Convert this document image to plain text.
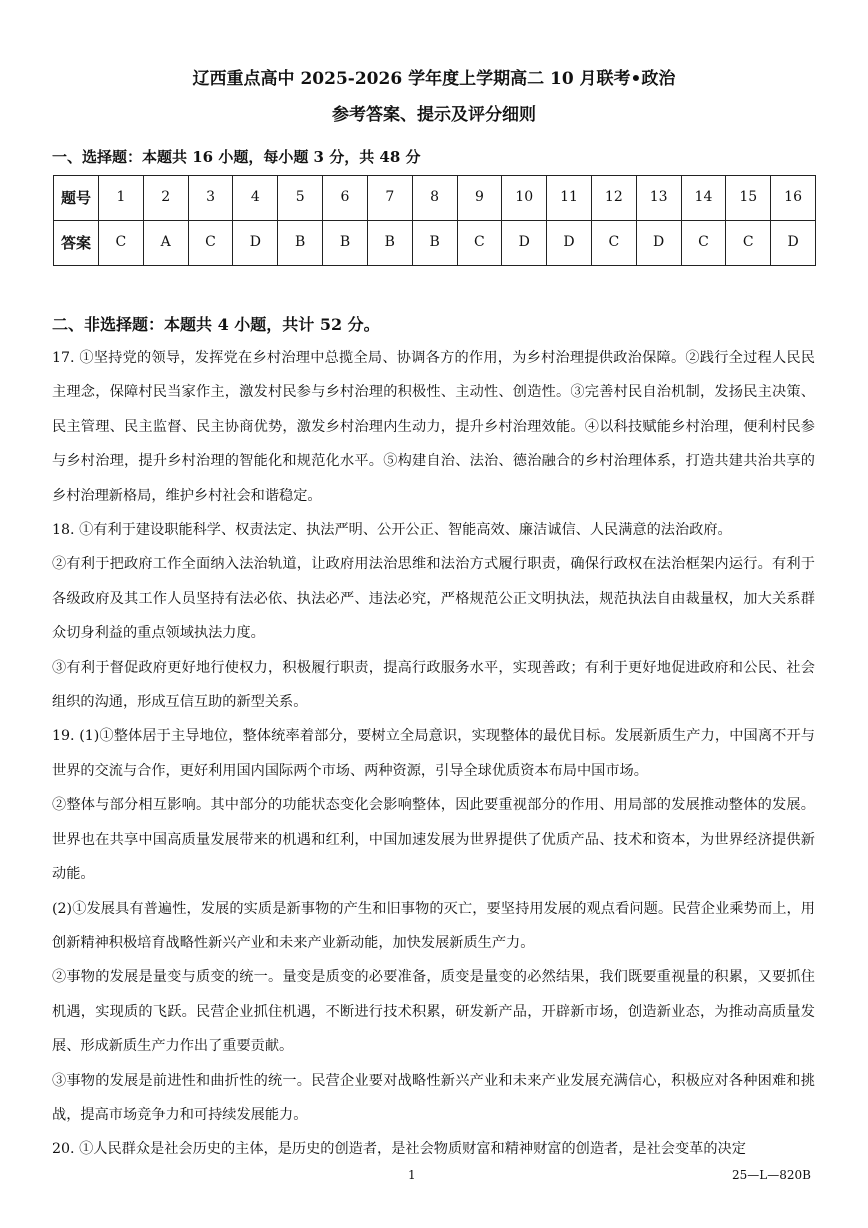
辽西重点高中 2025-2026 学年度上学期高二 10 月联考•政治
参考答案、提示及评分细则
一、选择题：本题共 16 小题，每小题 3 分，共 48 分
题号	1	2	3	4	5	6	7	8	9	10	11	12	13	14	15	16
答案	C	A	C	D	B	B	B	B	C	D	D	C	D	C	C	D
二、非选择题：本题共 4 小题，共计 52 分。

17. ①坚持党的领导，发挥党在乡村治理中总揽全局、协调各方的作用，为乡村治理提供政治保障。②践行全过程人民民主理念，保障村民当家作主，激发村民参与乡村治理的积极性、主动性、创造性。③完善村民自治机制，发扬民主决策、民主管理、民主监督、民主协商优势，激发乡村治理内生动力，提升乡村治理效能。④以科技赋能乡村治理，便利村民参与乡村治理，提升乡村治理的智能化和规范化水平。⑤构建自治、法治、德治融合的乡村治理体系，打造共建共治共享的乡村治理新格局，维护乡村社会和谐稳定。

18. ①有利于建设职能科学、权责法定、执法严明、公开公正、智能高效、廉洁诚信、人民满意的法治政府。

②有利于把政府工作全面纳入法治轨道，让政府用法治思维和法治方式履行职责，确保行政权在法治框架内运行。有利于各级政府及其工作人员坚持有法必依、执法必严、违法必究，严格规范公正文明执法，规范执法自由裁量权，加大关系群众切身利益的重点领域执法力度。

③有利于督促政府更好地行使权力，积极履行职责，提高行政服务水平，实现善政；有利于更好地促进政府和公民、社会组织的沟通，形成互信互助的新型关系。

19. (1)①整体居于主导地位，整体统率着部分，要树立全局意识，实现整体的最优目标。发展新质生产力，中国离不开与世界的交流与合作，更好利用国内国际两个市场、两种资源，引导全球优质资本布局中国市场。

②整体与部分相互影响。其中部分的功能状态变化会影响整体，因此要重视部分的作用、用局部的发展推动整体的发展。世界也在共享中国高质量发展带来的机遇和红利，中国加速发展为世界提供了优质产品、技术和资本，为世界经济提供新动能。

(2)①发展具有普遍性，发展的实质是新事物的产生和旧事物的灭亡，要坚持用发展的观点看问题。民营企业乘势而上，用创新精神积极培育战略性新兴产业和未来产业新动能，加快发展新质生产力。

②事物的发展是量变与质变的统一。量变是质变的必要准备，质变是量变的必然结果，我们既要重视量的积累，又要抓住机遇，实现质的飞跃。民营企业抓住机遇，不断进行技术积累，研发新产品，开辟新市场，创造新业态，为推动高质量发展、形成新质生产力作出了重要贡献。

③事物的发展是前进性和曲折性的统一。民营企业要对战略性新兴产业和未来产业发展充满信心，积极应对各种困难和挑战，提高市场竞争力和可持续发展能力。

20. ①人民群众是社会历史的主体，是历史的创造者，是社会物质财富和精神财富的创造者，是社会变革的决定

1	25—L—820B
